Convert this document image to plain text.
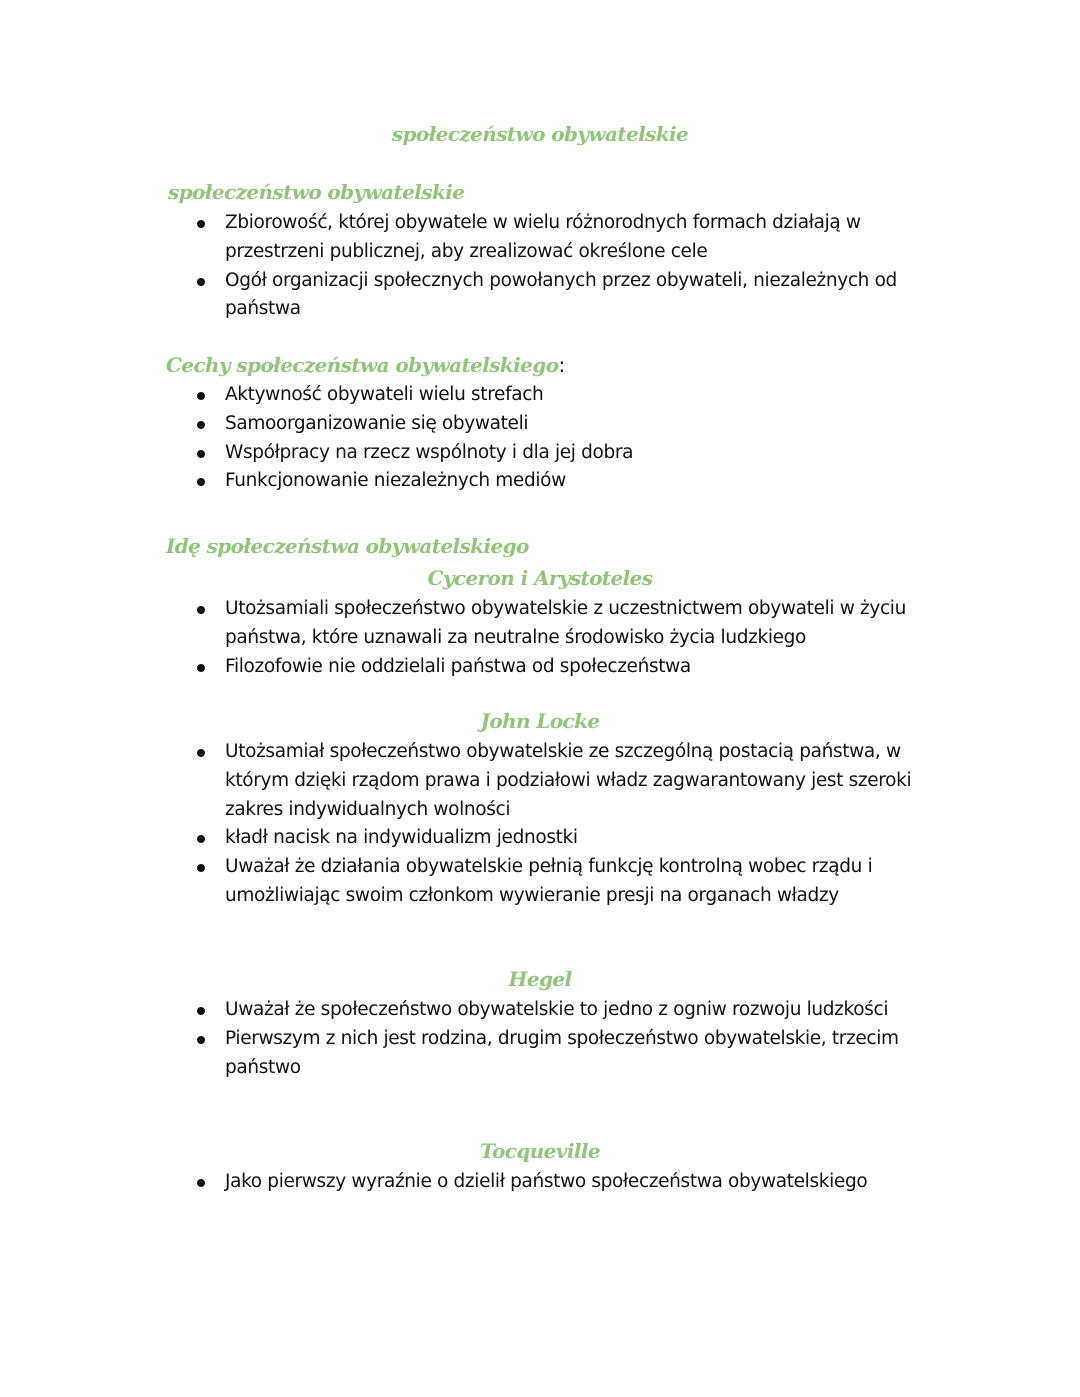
społeczeństwo obywatelskie
społeczeństwo obywatelskie
Zbiorowość, której obywatele w wielu różnorodnych formach działają w przestrzeni publicznej, aby zrealizować określone cele
Ogół organizacji społecznych powołanych przez obywateli, niezależnych od państwa
Cechy społeczeństwa obywatelskiego:
Aktywność obywateli wielu strefach
Samoorganizowanie się obywateli
Współpracy na rzecz wspólnoty i dla jej dobra
Funkcjonowanie niezależnych mediów
Idę społeczeństwa obywatelskiego
Cyceron i Arystoteles
Utożsamiali społeczeństwo obywatelskie z uczestnictwem obywateli w życiu państwa, które uznawali za neutralne środowisko życia ludzkiego
Filozofowie nie oddzielali państwa od społeczeństwa
John Locke
Utożsamiał społeczeństwo obywatelskie ze szczególną postacią państwa, w którym dzięki rządom prawa i podziałowi władz zagwarantowany jest szeroki zakres indywidualnych wolności
kładł nacisk na indywidualizm jednostki
Uważał że działania obywatelskie pełnią funkcję kontrolną wobec rządu i umożliwiając swoim członkom wywieranie presji na organach władzy
Hegel
Uważał że społeczeństwo obywatelskie to jedno z ogniw rozwoju ludzkości
Pierwszym z nich jest rodzina, drugim społeczeństwo obywatelskie, trzecim państwo
Tocqueville
Jako pierwszy wyraźnie o dzielił państwo społeczeństwa obywatelskiego
